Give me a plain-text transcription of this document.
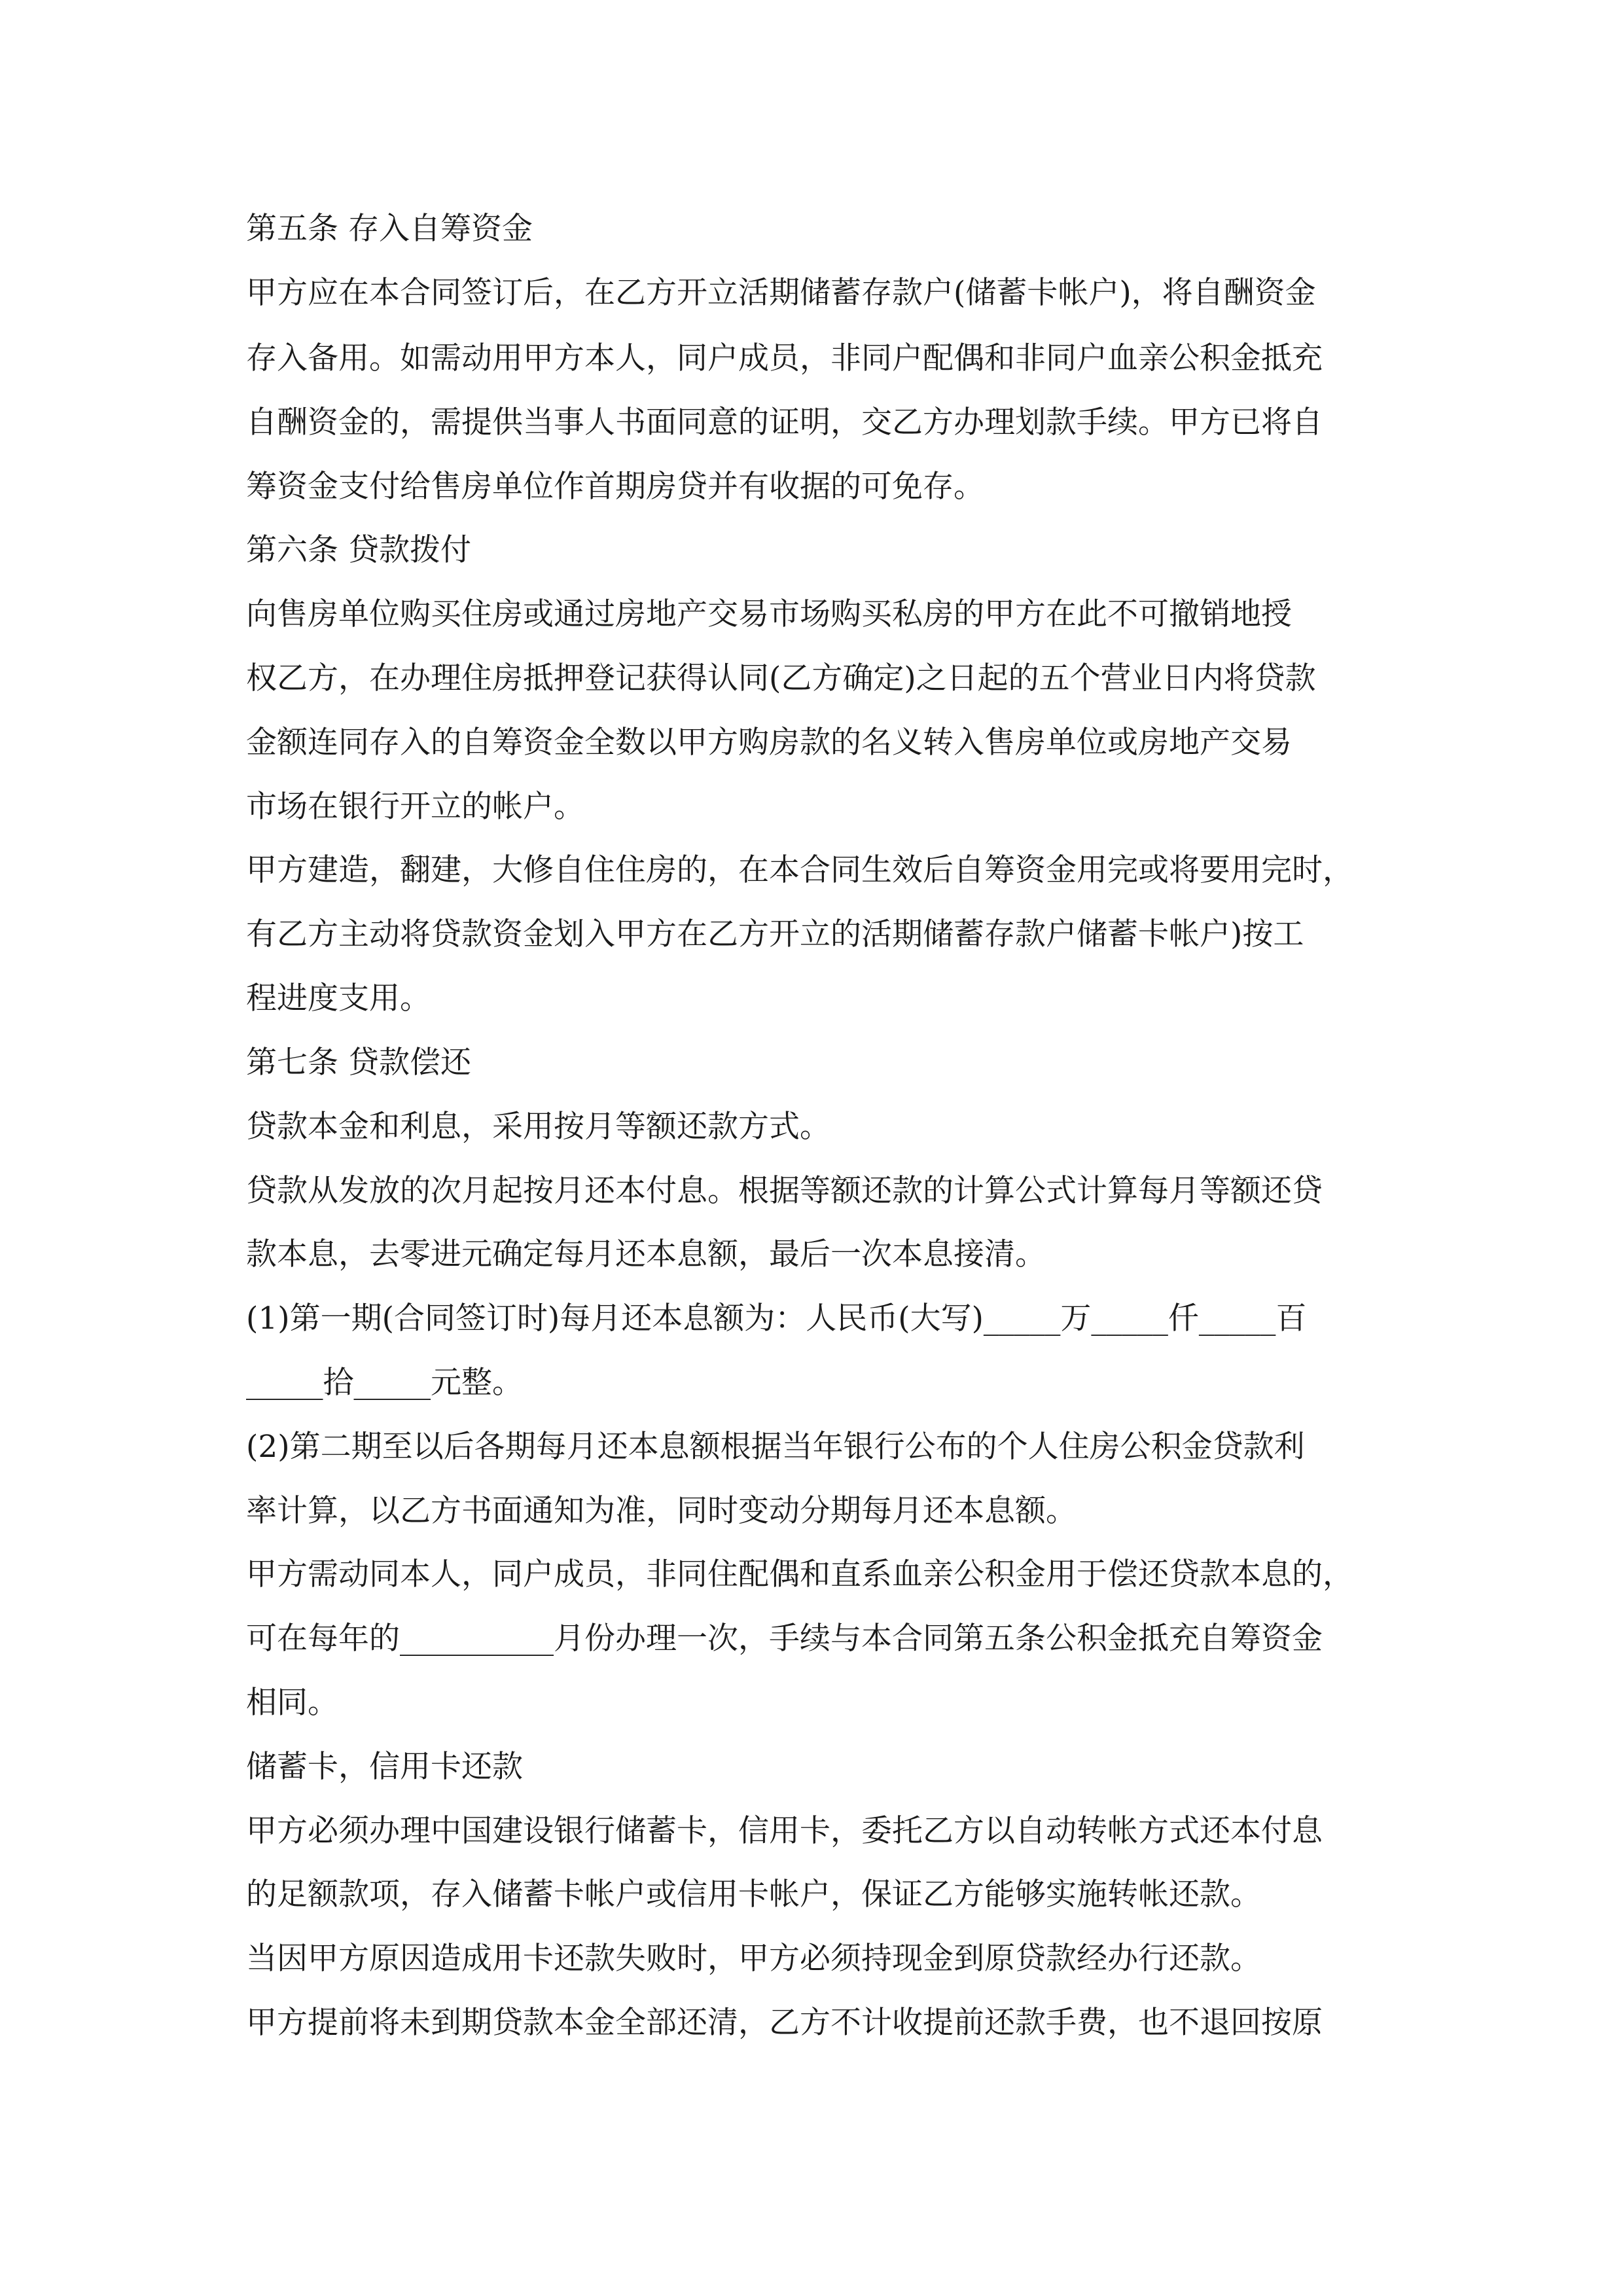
第五条 存入自筹资金
甲方应在本合同签订后，在乙方开立活期储蓄存款户(储蓄卡帐户)，将自酬资金
存入备用。如需动用甲方本人，同户成员，非同户配偶和非同户血亲公积金抵充
自酬资金的，需提供当事人书面同意的证明，交乙方办理划款手续。甲方已将自
筹资金支付给售房单位作首期房贷并有收据的可免存。
第六条 贷款拨付
向售房单位购买住房或通过房地产交易市场购买私房的甲方在此不可撤销地授
权乙方，在办理住房抵押登记获得认同(乙方确定)之日起的五个营业日内将贷款
金额连同存入的自筹资金全数以甲方购房款的名义转入售房单位或房地产交易
市场在银行开立的帐户。
甲方建造，翻建，大修自住住房的，在本合同生效后自筹资金用完或将要用完时，
有乙方主动将贷款资金划入甲方在乙方开立的活期储蓄存款户储蓄卡帐户)按工
程进度支用。
第七条 贷款偿还
贷款本金和利息，采用按月等额还款方式。
贷款从发放的次月起按月还本付息。根据等额还款的计算公式计算每月等额还贷
款本息，去零进元确定每月还本息额，最后一次本息接清。
(1)第一期(合同签订时)每月还本息额为：人民币(大写)_____万_____仟_____百
_____拾_____元整。
(2)第二期至以后各期每月还本息额根据当年银行公布的个人住房公积金贷款利
率计算，以乙方书面通知为准，同时变动分期每月还本息额。
甲方需动同本人，同户成员，非同住配偶和直系血亲公积金用于偿还贷款本息的，
可在每年的__________月份办理一次，手续与本合同第五条公积金抵充自筹资金
相同。
储蓄卡，信用卡还款
甲方必须办理中国建设银行储蓄卡，信用卡，委托乙方以自动转帐方式还本付息
的足额款项，存入储蓄卡帐户或信用卡帐户，保证乙方能够实施转帐还款。
当因甲方原因造成用卡还款失败时，甲方必须持现金到原贷款经办行还款。
甲方提前将未到期贷款本金全部还清，乙方不计收提前还款手费，也不退回按原
